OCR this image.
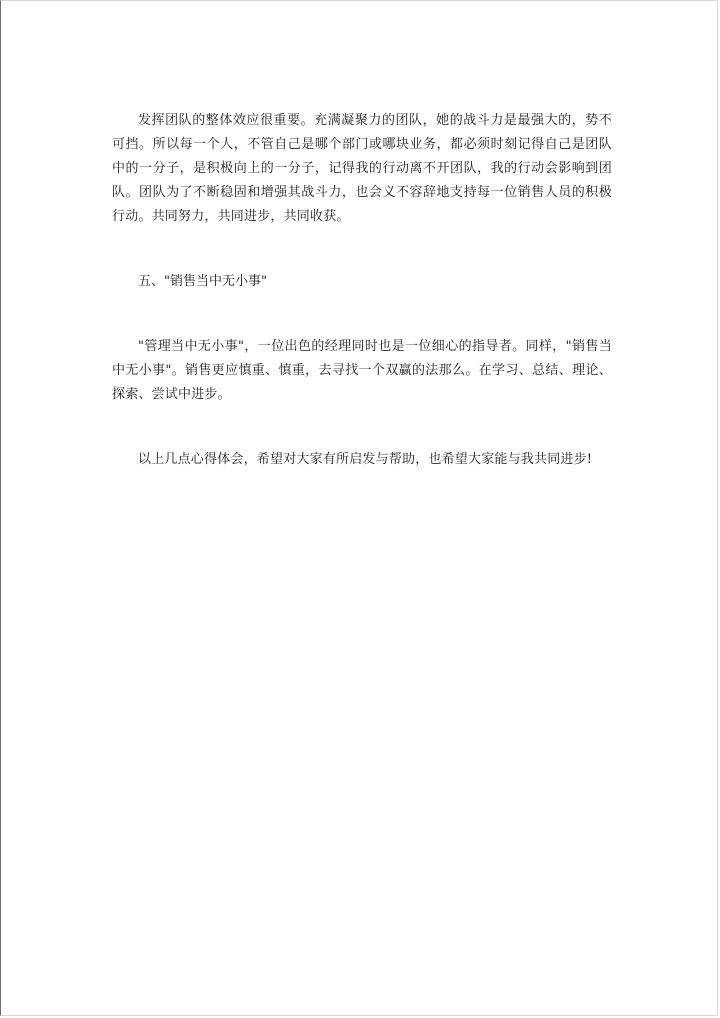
发挥团队的整体效应很重要。充满凝聚力的团队，她的战斗力是最强大的，势不可挡。所以每一个人，不管自己是哪个部门或哪块业务，都必须时刻记得自己是团队中的一分子，是积极向上的一分子，记得我的行动离不开团队，我的行动会影响到团队。团队为了不断稳固和增强其战斗力，也会义不容辞地支持每一位销售人员的积极行动。共同努力，共同进步，共同收获。

五、"销售当中无小事"

"管理当中无小事"，一位出色的经理同时也是一位细心的指导者。同样，"销售当中无小事"。销售更应慎重、慎重，去寻找一个双赢的法那么。在学习、总结、理论、探索、尝试中进步。

以上几点心得体会，希望对大家有所启发与帮助，也希望大家能与我共同进步!
